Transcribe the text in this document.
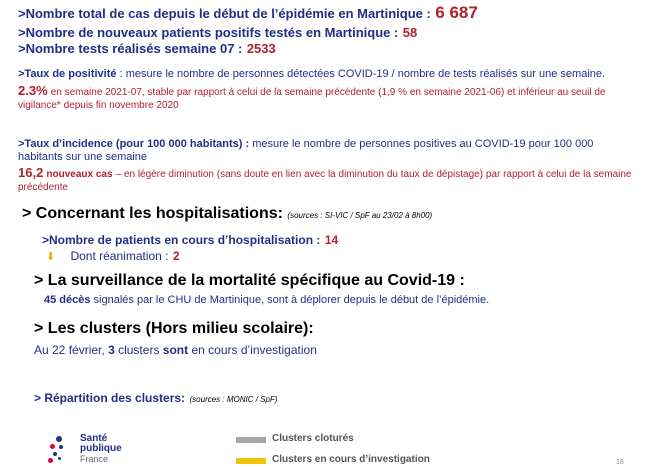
>Nombre total de cas depuis le début de l’épidémie en Martinique : 6 687
>Nombre de nouveaux patients positifs testés en Martinique : 58
>Nombre tests réalisés semaine 07 : 2533
>Taux de positivité : mesure le nombre de personnes détectées COVID-19 / nombre de tests réalisés sur une semaine.
2.3% en semaine 2021-07, stable par rapport à celui de la semaine précédente (1,9 % en semaine 2021-06) et inférieur au seuil de vigilance* depuis fin novembre 2020
>Taux d’incidence (pour 100 000 habitants) : mesure le nombre de personnes positives au COVID-19 pour 100 000 habitants sur une semaine
16,2 nouveaux cas – en légère diminution (sans doute en lien avec la diminution du taux de dépistage) par rapport à celui de la semaine précédente
> Concernant les hospitalisations: (sources : SI-VIC / SpF au 23/02 à 8h00)
>Nombre de patients en cours d’hospitalisation : 14
⬇ Dont réanimation : 2
> La surveillance de la mortalité spécifique au Covid-19 :
45 décès signalés par le CHU de Martinique, sont à déplorer depuis le début de l’épidémie.
> Les clusters (Hors milieu scolaire):
Au 22 février, 3 clusters sont en cours d’investigation
> Répartition des clusters: (sources : MONIC / SpF)
Santé
publique
France
Clusters cloturés
Clusters en cours d’investigation	18
